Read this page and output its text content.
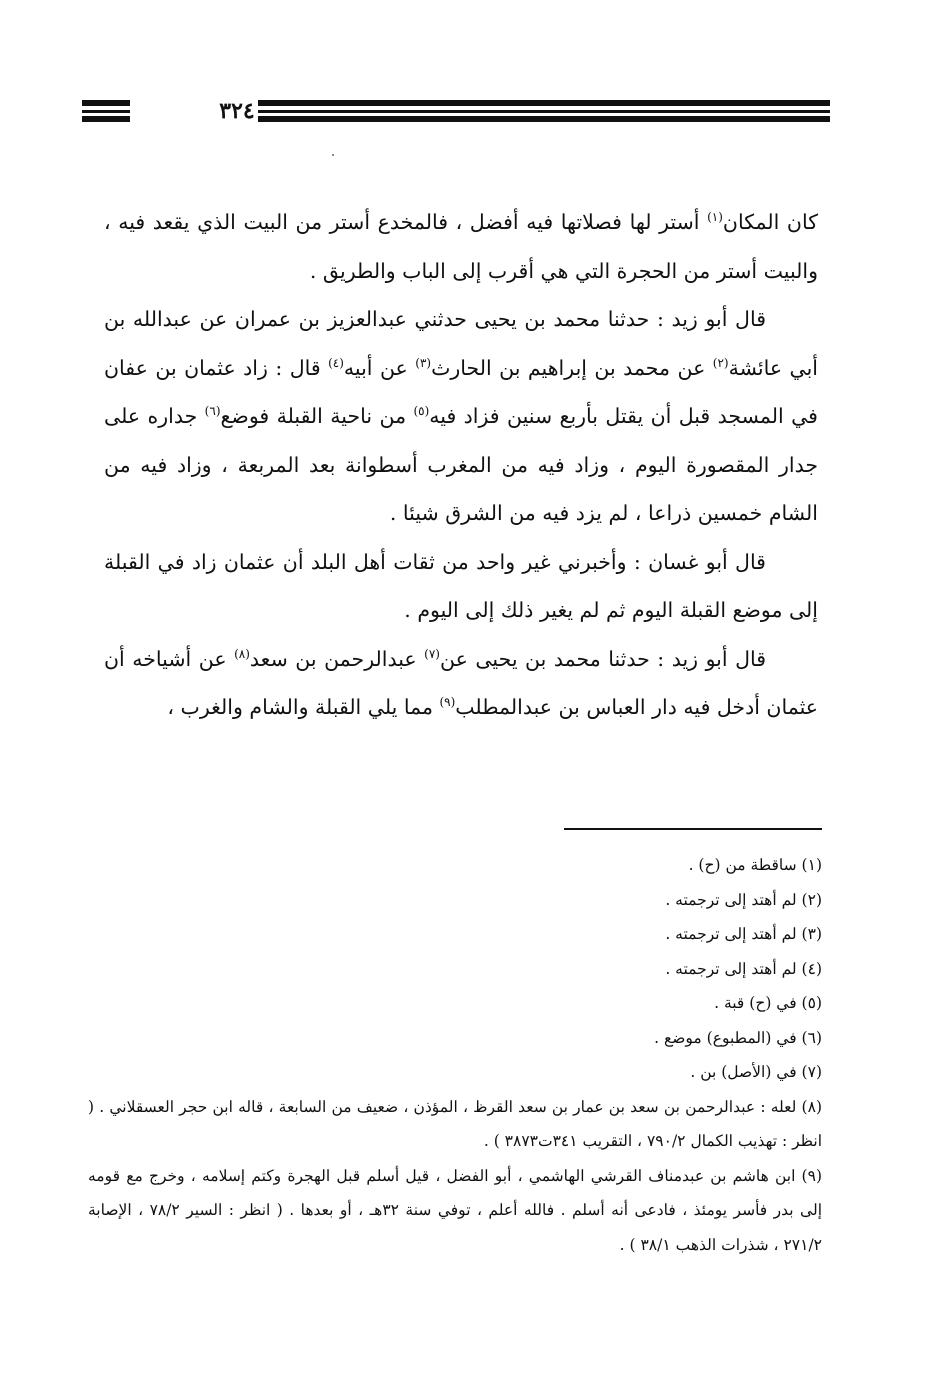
٣٢٤

كان المكان$^{(١)}$ أستر لها فصلاتها فيه أفضل ، فالمخدع أستر من البيت الذي يقعد فيه ، والبيت أستر من الحجرة التي هي أقرب إلى الباب والطريق .

قال أبو زيد : حدثنا محمد بن يحيى حدثني عبدالعزيز بن عمران عن عبدالله بن أبي عائشة$^{(٢)}$ عن محمد بن إبراهيم بن الحارث$^{(٣)}$ عن أبيه$^{(٤)}$ قال : زاد عثمان بن عفان في المسجد قبل أن يقتل بأربع سنين فزاد فيه$^{(٥)}$ من ناحية القبلة فوضع$^{(٦)}$ جداره على جدار المقصورة اليوم ، وزاد فيه من المغرب أسطوانة بعد المربعة ، وزاد فيه من الشام خمسين ذراعا ، لم يزد فيه من الشرق شيئا .

قال أبو غسان : وأخبرني غير واحد من ثقات أهل البلد أن عثمان زاد في القبلة إلى موضع القبلة اليوم ثم لم يغير ذلك إلى اليوم .

قال أبو زيد : حدثنا محمد بن يحيى عن$^{(٧)}$ عبدالرحمن بن سعد$^{(٨)}$ عن أشياخه أن عثمان أدخل فيه دار العباس بن عبدالمطلب$^{(٩)}$ مما يلي القبلة والشام والغرب ،

(١) ساقطة من (ح) .

(٢) لم أهتد إلى ترجمته .

(٣) لم أهتد إلى ترجمته .

(٤) لم أهتد إلى ترجمته .

(٥) في (ح) قبة .

(٦) في (المطبوع) موضع .

(٧) في (الأصل) بن .

(٨) لعله : عبدالرحمن بن سعد بن عمار بن سعد القرظ ، المؤذن ، ضعيف من السابعة ، قاله ابن حجر العسقلاني . ( انظر : تهذيب الكمال ٧٩٠/٢ ، التقريب ٣٤١ت٣٨٧٣ ) .

(٩) ابن هاشم بن عبدمناف القرشي الهاشمي ، أبو الفضل ، قيل أسلم قبل الهجرة وكتم إسلامه ، وخرج مع قومه إلى بدر فأسر يومئذ ، فادعى أنه أسلم . فالله أعلم ، توفي سنة ٣٢هـ ، أو بعدها . ( انظر : السير ٧٨/٢ ، الإصابة ٢٧١/٢ ، شذرات الذهب ٣٨/١ ) .
